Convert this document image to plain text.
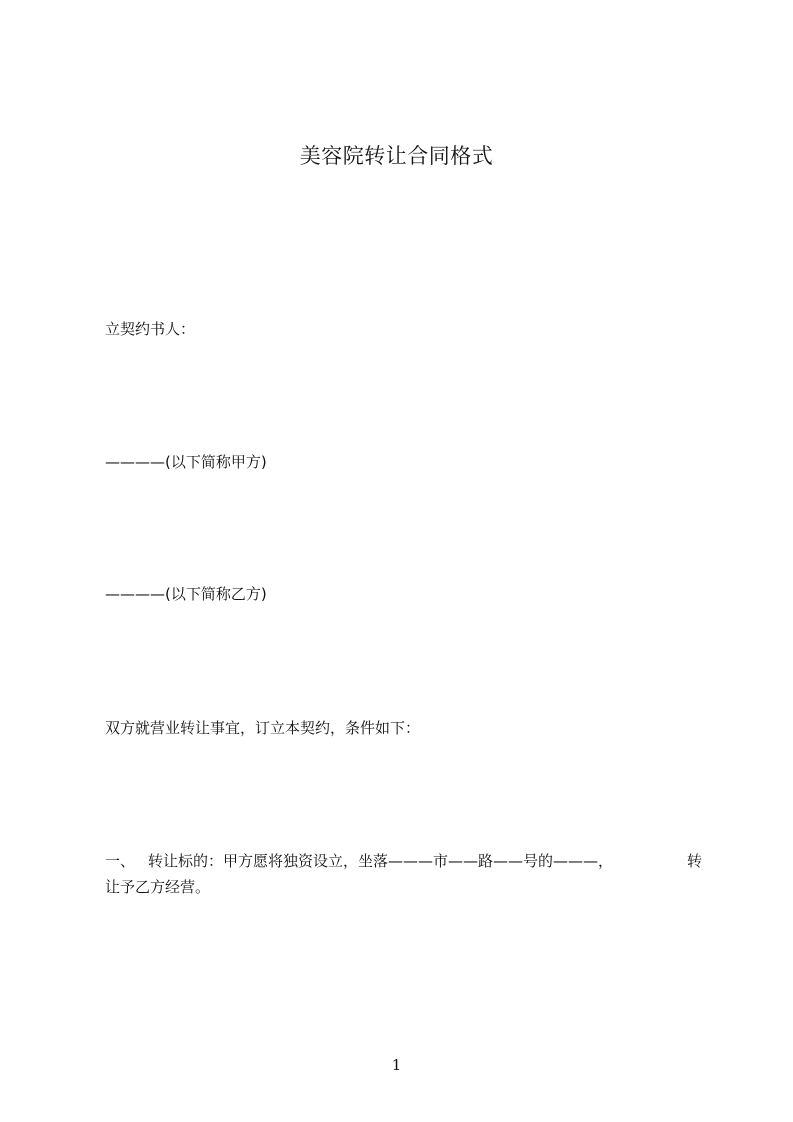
美容院转让合同格式
立契约书人：
————(以下简称甲方)
————(以下简称乙方)
双方就营业转让事宜，订立本契约，条件如下：
一、 转让标的：甲方愿将独资设立，坐落———市——路——号的———，	转
让予乙方经营。
1
